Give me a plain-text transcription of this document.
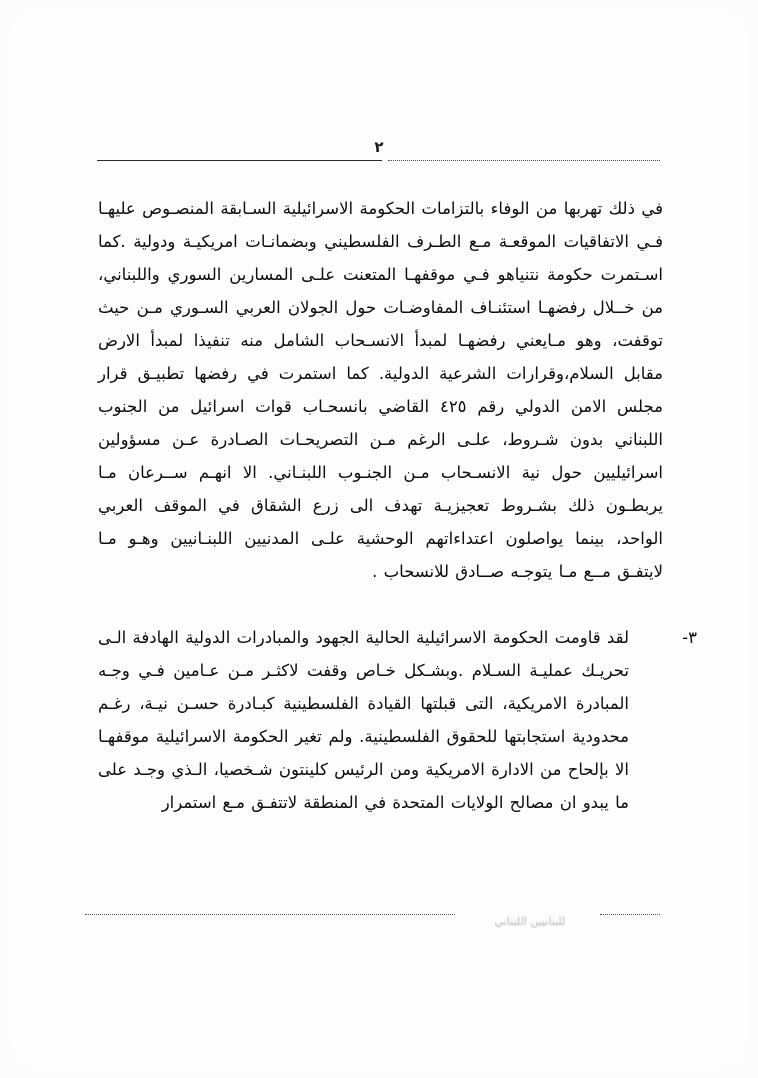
٢

في ذلك تهربها من الوفاء بالتزامات الحكومة الاسرائيلية السـابقة المنصـوص عليهـا فـي الاتفاقيات الموقعـة مـع الطـرف الفلسطيني وبضمانـات امريكيـة ودولية .كما اسـتمرت حكومة نتنياهو فـي موقفهـا المتعنت علـى المسارين السوري واللبناني، من خــلال رفضهـا استئنـاف المفاوضـات حول الجولان العربي السـوري مـن حيث توقفت، وهو مـايعني رفضهـا لمبدأ الانسـحاب الشامل منه تنفيذا لمبدأ الارض مقابل السلام،وقرارات الشرعية الدولية. كما استمرت في رفضها تطبيـق قرار مجلس الامن الدولي رقم ٤٢٥ القاضي بانسحـاب قوات اسرائيل من الجنوب اللبناني بدون شـروط، علـى الرغم مـن التصريحـات الصـادرة عـن مسؤولين اسرائيليين حول نية الانسـحاب مـن الجنـوب اللبنـاني. الا انهـم ســرعان مـا يربطـون ذلك بشـروط تعجيزيـة تهدف الى زرع الشقاق في الموقف العربي الواحد، بينما يواصلون اعتداءاتهم الوحشية علـى المدنيين اللبنـانيين وهـو مـا لايتفـق مــع مـا يتوجـه صــادق للانسحاب .

٣-

لقد قاومت الحكومة الاسرائيلية الحالية الجهود والمبادرات الدولية الهادفة الـى تحريـك عمليـة السـلام .وبشـكل خـاص وقفت لاكثـر مـن عـامين فـي وجـه المبادرة الامريكية، التى قبلتها القيادة الفلسطينية كبـادرة حسـن نيـة، رغـم محدودية استجابتها للحقوق الفلسطينية. ولم تغير الحكومة الاسرائيلية موقفهـا الا بإلحاح من الادارة الامريكية ومن الرئيس كلينتون شـخصيا، الـذي وجـد على ما يبدو ان مصالح الولايات المتحدة في المنطقة لاتتفـق مـع استمرار

للبنانيين اللبناني
